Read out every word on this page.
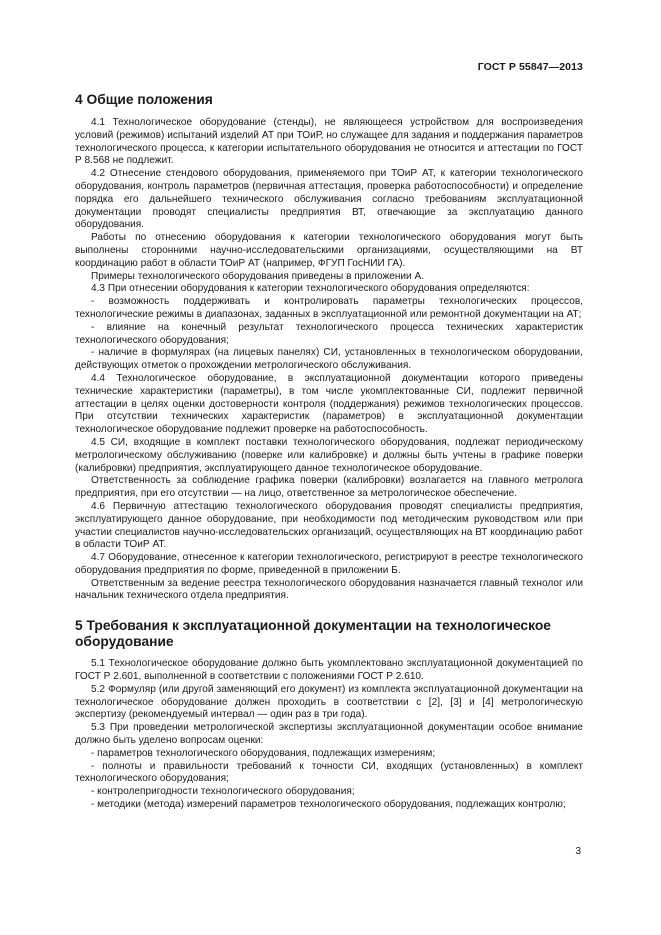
ГОСТ Р 55847—2013
4 Общие положения

4.1 Технологическое оборудование (стенды), не являющееся устройством для воспроизведения условий (режимов) испытаний изделий АТ при ТОиР, но служащее для задания и поддержания параметров технологического процесса, к категории испытательного оборудования не относится и аттестации по ГОСТ Р 8.568 не подлежит.

4.2 Отнесение стендового оборудования, применяемого при ТОиР АТ, к категории технологического оборудования, контроль параметров (первичная аттестация, проверка работоспособности) и определение порядка его дальнейшего технического обслуживания согласно требованиям эксплуатационной документации проводят специалисты предприятия ВТ, отвечающие за эксплуатацию данного оборудования.

Работы по отнесению оборудования к категории технологического оборудования могут быть выполнены сторонними научно-исследовательскими организациями, осуществляющими на ВТ координацию работ в области ТОиР АТ (например, ФГУП ГосНИИ ГА).

Примеры технологического оборудования приведены в приложении А.

4.3 При отнесении оборудования к категории технологического оборудования определяются:

- возможность поддерживать и контролировать параметры технологических процессов, технологические режимы в диапазонах, заданных в эксплуатационной или ремонтной документации на АТ;

- влияние на конечный результат технологического процесса технических характеристик технологического оборудования;

- наличие в формулярах (на лицевых панелях) СИ, установленных в технологическом оборудовании, действующих отметок о прохождении метрологического обслуживания.

4.4 Технологическое оборудование, в эксплуатационной документации которого приведены технические характеристики (параметры), в том числе укомплектованные СИ, подлежит первичной аттестации в целях оценки достоверности контроля (поддержания) режимов технологических процессов. При отсутствии технических характеристик (параметров) в эксплуатационной документации технологическое оборудование подлежит проверке на работоспособность.

4.5 СИ, входящие в комплект поставки технологического оборудования, подлежат периодическому метрологическому обслуживанию (поверке или калибровке) и должны быть учтены в графике поверки (калибровки) предприятия, эксплуатирующего данное технологическое оборудование.

Ответственность за соблюдение графика поверки (калибровки) возлагается на главного метролога предприятия, при его отсутствии — на лицо, ответственное за метрологическое обеспечение.

4.6 Первичную аттестацию технологического оборудования проводят специалисты предприятия, эксплуатирующего данное оборудование, при необходимости под методическим руководством или при участии специалистов научно-исследовательских организаций, осуществляющих на ВТ координацию работ в области ТОиР АТ.

4.7 Оборудование, отнесенное к категории технологического, регистрируют в реестре технологического оборудования предприятия по форме, приведенной в приложении Б.

Ответственным за ведение реестра технологического оборудования назначается главный технолог или начальник технического отдела предприятия.

5 Требования к эксплуатационной документации на технологическое оборудование

5.1 Технологическое оборудование должно быть укомплектовано эксплуатационной документацией по ГОСТ Р 2.601, выполненной в соответствии с положениями ГОСТ Р 2.610.

5.2 Формуляр (или другой заменяющий его документ) из комплекта эксплуатационной документации на технологическое оборудование должен проходить в соответствии с [2], [3] и [4] метрологическую экспертизу (рекомендуемый интервал — один раз в три года).

5.3 При проведении метрологической экспертизы эксплуатационной документации особое внимание должно быть уделено вопросам оценки:

- параметров технологического оборудования, подлежащих измерениям;

- полноты и правильности требований к точности СИ, входящих (установленных) в комплект технологического оборудования;

- контролепригодности технологического оборудования;

- методики (метода) измерений параметров технологического оборудования, подлежащих контролю;

3
